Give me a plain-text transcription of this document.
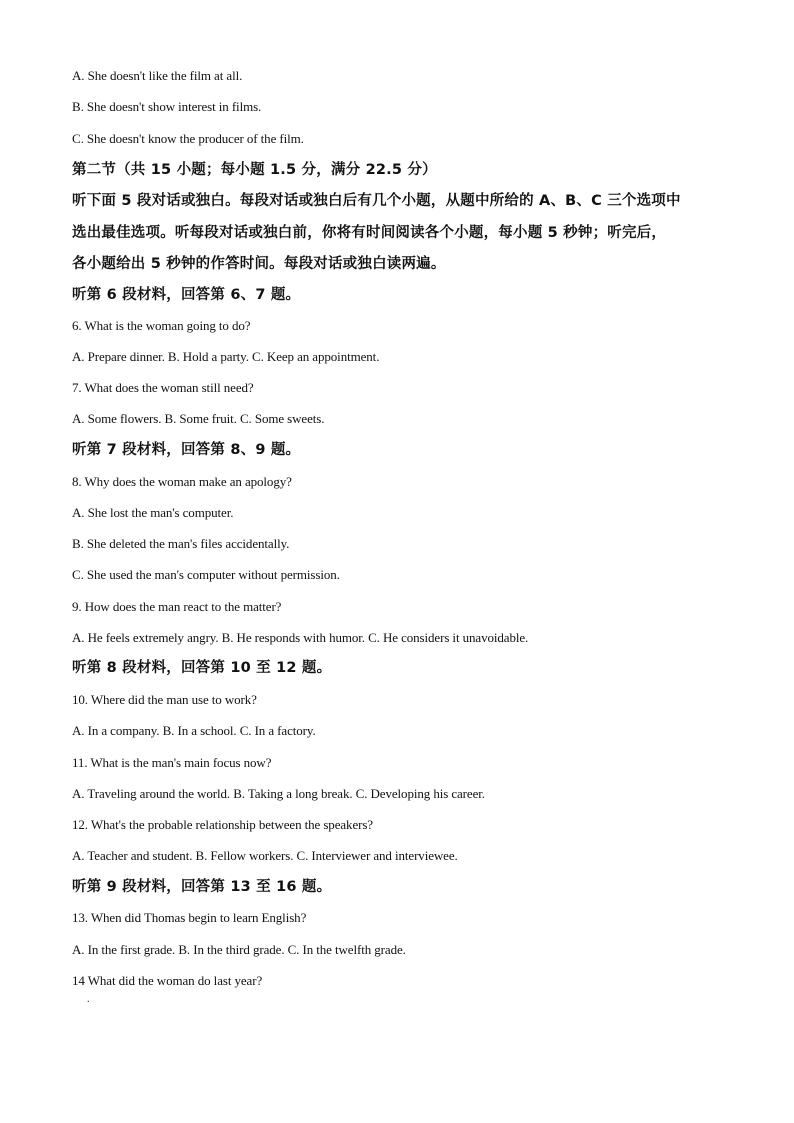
A. She doesn't like the film at all.
B. She doesn't show interest in films.
C. She doesn't know the producer of the film.
第二节（共 15 小题；每小题 1.5 分，满分 22.5 分）
听下面 5 段对话或独白。每段对话或独白后有几个小题，从题中所给的 A、B、C 三个选项中
选出最佳选项。听每段对话或独白前，你将有时间阅读各个小题，每小题 5 秒钟；听完后，
各小题给出 5 秒钟的作答时间。每段对话或独白读两遍。
听第 6 段材料，回答第 6、7 题。
6. What is the woman going to do?
A. Prepare dinner. B. Hold a party. C. Keep an appointment.
7. What does the woman still need?
A. Some flowers. B. Some fruit. C. Some sweets.
听第 7 段材料，回答第 8、9 题。
8. Why does the woman make an apology?
A. She lost the man's computer.
B. She deleted the man's files accidentally.
C. She used the man's computer without permission.
9. How does the man react to the matter?
A. He feels extremely angry. B. He responds with humor. C. He considers it unavoidable.
听第 8 段材料，回答第 10 至 12 题。
10. Where did the man use to work?
A. In a company. B. In a school. C. In a factory.
11. What is the man's main focus now?
A. Traveling around the world. B. Taking a long break. C. Developing his career.
12. What's the probable relationship between the speakers?
A. Teacher and student. B. Fellow workers. C. Interviewer and interviewee.
听第 9 段材料，回答第 13 至 16 题。
13. When did Thomas begin to learn English?
A. In the first grade. B. In the third grade. C. In the twelfth grade.
14 What did the woman do last year?
.
